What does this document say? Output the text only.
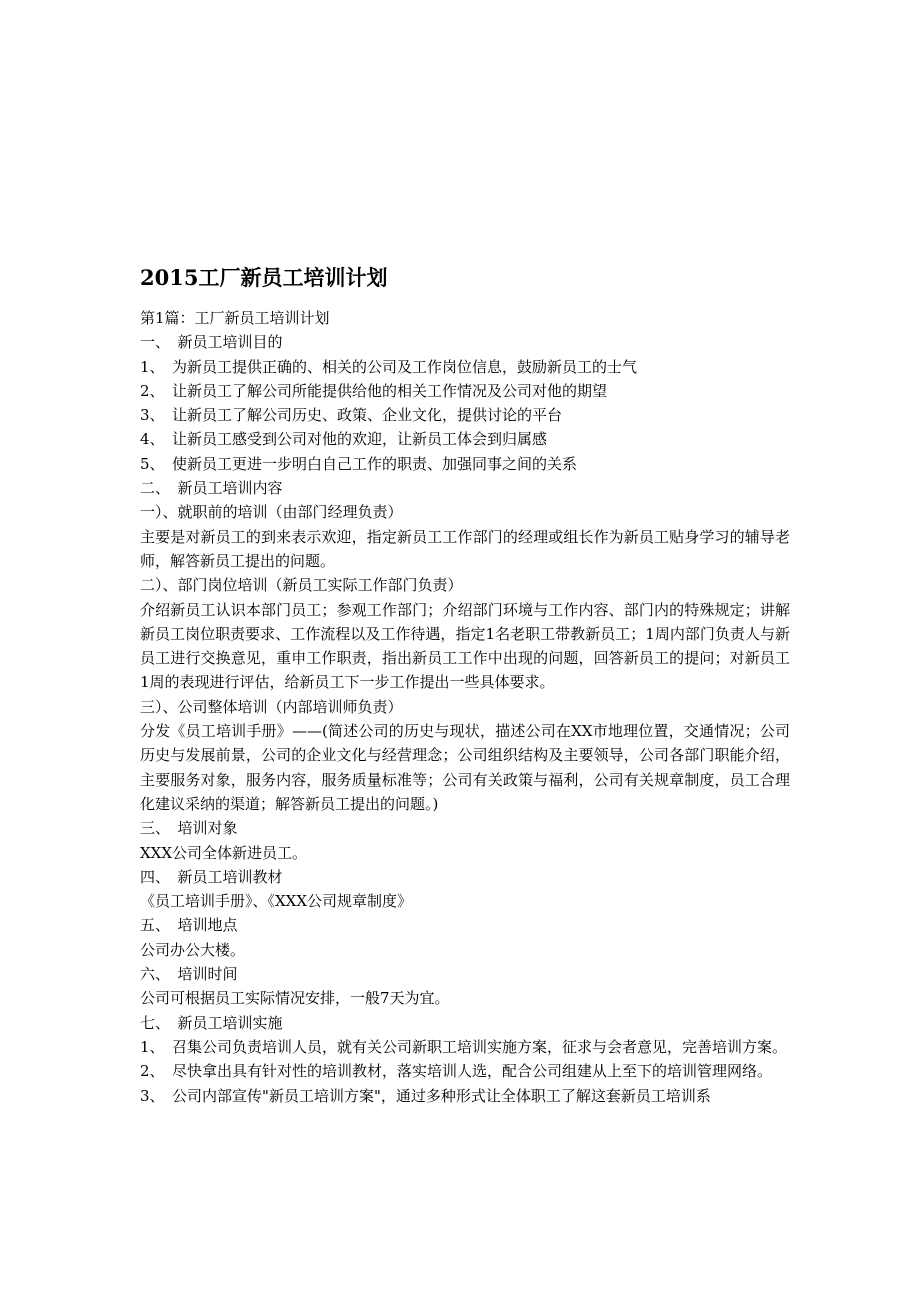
2015工厂新员工培训计划
第1篇：工厂新员工培训计划
一、　新员工培训目的
1、　为新员工提供正确的、相关的公司及工作岗位信息，鼓励新员工的士气
2、　让新员工了解公司所能提供给他的相关工作情况及公司对他的期望
3、　让新员工了解公司历史、政策、企业文化，提供讨论的平台
4、　让新员工感受到公司对他的欢迎，让新员工体会到归属感
5、　使新员工更进一步明白自己工作的职责、加强同事之间的关系
二、　新员工培训内容
一）、就职前的培训（由部门经理负责）
主要是对新员工的到来表示欢迎，指定新员工工作部门的经理或组长作为新员工贴身学习的辅导老师，解答新员工提出的问题。
二）、部门岗位培训（新员工实际工作部门负责）
介绍新员工认识本部门员工；参观工作部门；介绍部门环境与工作内容、部门内的特殊规定；讲解新员工岗位职责要求、工作流程以及工作待遇，指定1名老职工带教新员工；1周内部门负责人与新员工进行交换意见，重申工作职责，指出新员工工作中出现的问题，回答新员工的提问；对新员工1周的表现进行评估，给新员工下一步工作提出一些具体要求。
三）、公司整体培训（内部培训师负责）
分发《员工培训手册》——(简述公司的历史与现状，描述公司在XX市地理位置，交通情况；公司历史与发展前景，公司的企业文化与经营理念；公司组织结构及主要领导，公司各部门职能介绍，主要服务对象，服务内容，服务质量标准等；公司有关政策与福利，公司有关规章制度，员工合理化建议采纳的渠道；解答新员工提出的问题。)
三、　培训对象
XXX公司全体新进员工。
四、　新员工培训教材
《员工培训手册》、《XXX公司规章制度》
五、　培训地点
公司办公大楼。
六、　培训时间
公司可根据员工实际情况安排，一般7天为宜。
七、　新员工培训实施
1、　召集公司负责培训人员，就有关公司新职工培训实施方案，征求与会者意见，完善培训方案。
2、　尽快拿出具有针对性的培训教材，落实培训人选，配合公司组建从上至下的培训管理网络。
3、　公司内部宣传"新员工培训方案"，通过多种形式让全体职工了解这套新员工培训系
